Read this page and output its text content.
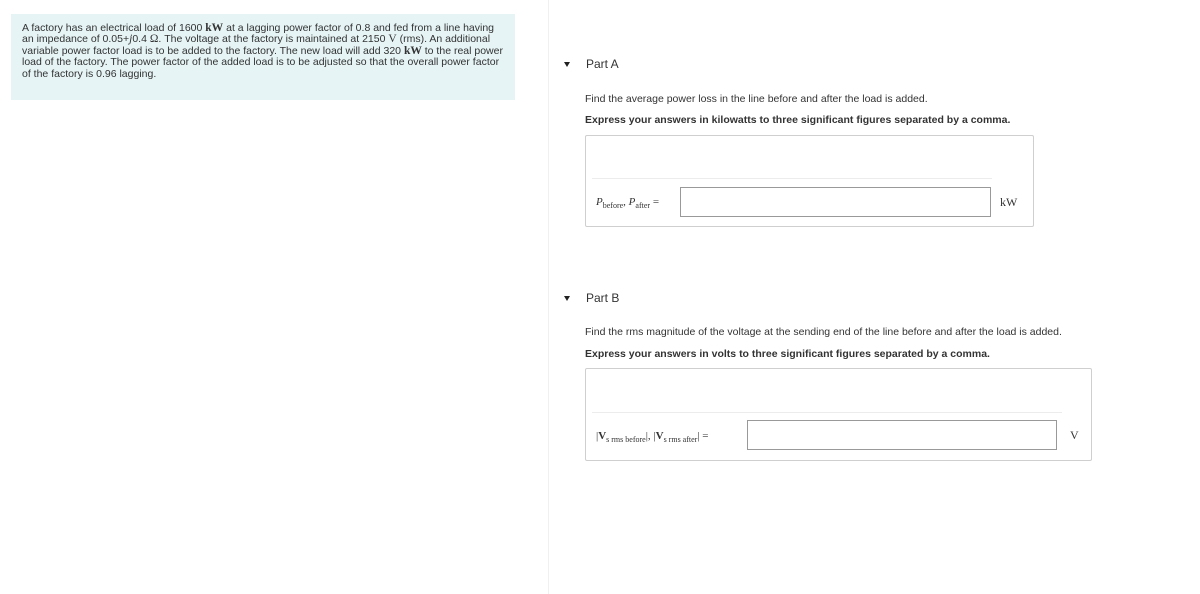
A factory has an electrical load of 1600 kW at a lagging power factor of 0.8 and fed from a line having an impedance of 0.05+j0.4 Ω. The voltage at the factory is maintained at 2150 V (rms). An additional variable power factor load is to be added to the factory. The new load will add 320 kW to the real power load of the factory. The power factor of the added load is to be adjusted so that the overall power factor of the factory is 0.96 lagging.
Part A
Find the average power loss in the line before and after the load is added.
Express your answers in kilowatts to three significant figures separated by a comma.
$P_{before}$, $P_{after}$ =	kW
Part B
Find the rms magnitude of the voltage at the sending end of the line before and after the load is added.
Express your answers in volts to three significant figures separated by a comma.
$|V_{s rms before}|$, $|V_{s rms after}|$ =	V
